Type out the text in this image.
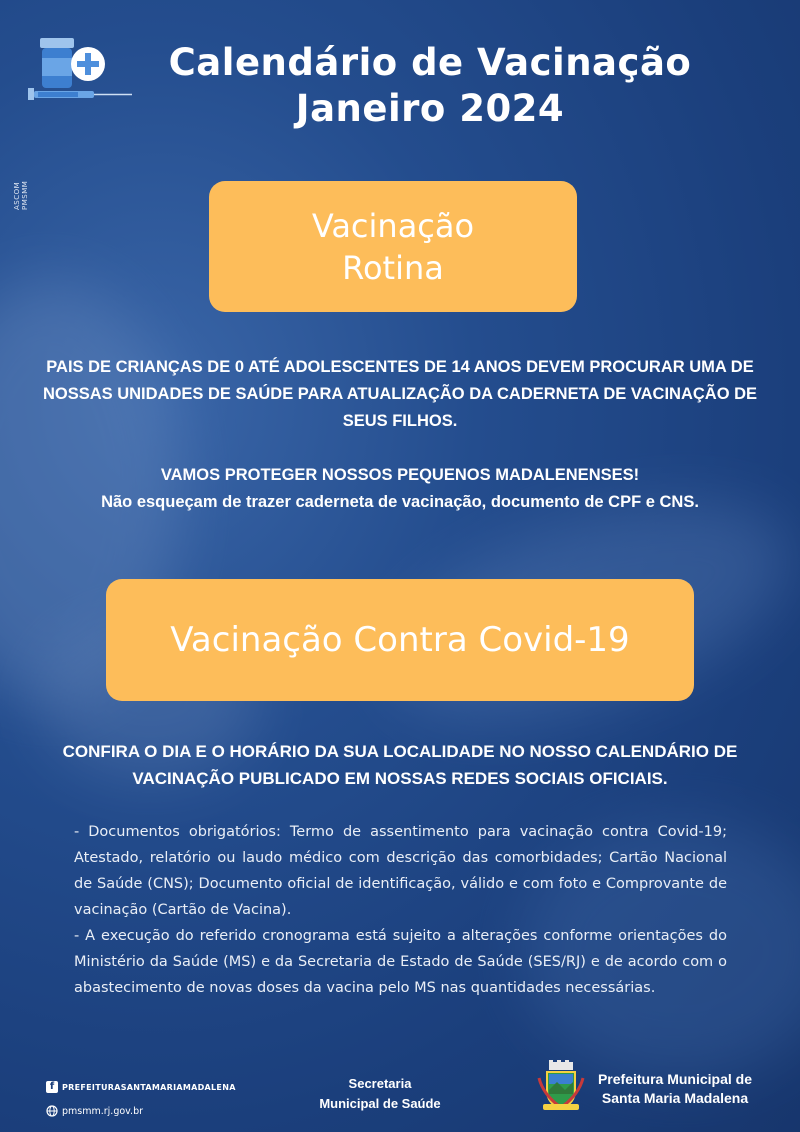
Calendário de Vacinação
Janeiro 2024
ASCOM PMSMM
Vacinação
Rotina
PAIS DE CRIANÇAS DE 0 ATÉ ADOLESCENTES DE 14 ANOS DEVEM PROCURAR UMA DE NOSSAS UNIDADES DE SAÚDE PARA ATUALIZAÇÃO DA CADERNETA DE VACINAÇÃO DE SEUS FILHOS.
VAMOS PROTEGER NOSSOS PEQUENOS MADALENENSES!
Não esqueçam de trazer caderneta de vacinação, documento de CPF e CNS.
Vacinação Contra Covid-19
CONFIRA O DIA E O HORÁRIO DA SUA LOCALIDADE NO NOSSO CALENDÁRIO DE VACINAÇÃO PUBLICADO EM NOSSAS REDES SOCIAIS OFICIAIS.

- Documentos obrigatórios: Termo de assentimento para vacinação contra Covid-19; Atestado, relatório ou laudo médico com descrição das comorbidades; Cartão Nacional de Saúde (CNS); Documento oficial de identificação, válido e com foto e Comprovante de vacinação (Cartão de Vacina).

- A execução do referido cronograma está sujeito a alterações conforme orientações do Ministério da Saúde (MS) e da Secretaria de Estado de Saúde (SES/RJ) e de acordo com o abastecimento de novas doses da vacina pelo MS nas quantidades necessárias.

f PREFEITURASANTAMARIAMADALENA
pmsmm.rj.gov.br
Secretaria
Municipal de Saúde
Prefeitura Municipal de
Santa Maria Madalena
